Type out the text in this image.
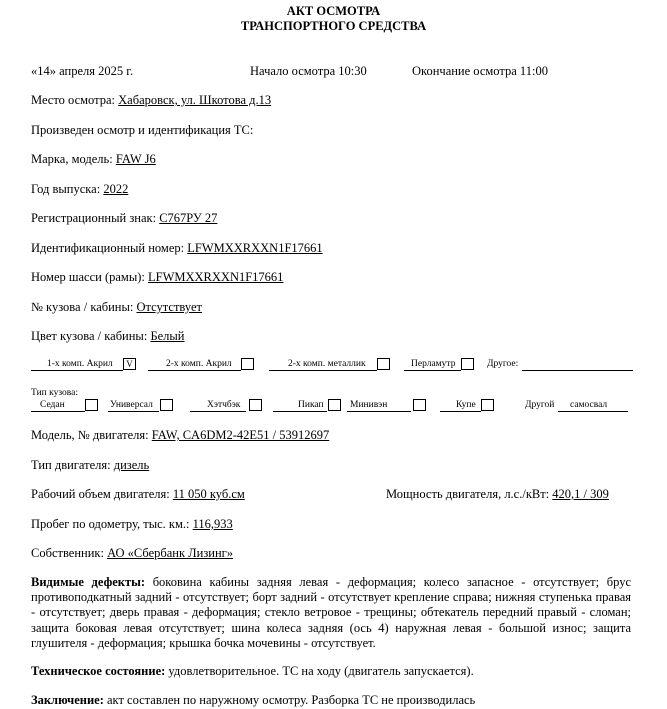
АКТ ОСМОТРА
ТРАНСПОРТНОГО СРЕДСТВА
«14» апреля 2025 г.	Начало осмотра 10:30	Окончание осмотра 11:00
Место осмотра: Хабаровск, ул. Шкотова д.13
Произведен осмотр и идентификация ТС:
Марка, модель: FAW J6
Год выпуска: 2022
Регистрационный знак: С767РУ 27
Идентификационный номер: LFWMXXRXXN1F17661
Номер шасси (рамы): LFWMXXRXXN1F17661
№ кузова / кабины: Отсутствует
Цвет кузова / кабины: Белый
1-х комп. Акрил	V	2-х комп. Акрил	2-х комп. металлик	Перламутр	Другое:
Тип кузова:
Седан	Универсал	Хэтчбэк	Пикап	Минивэн	Купе	Другой самосвал
Модель, № двигателя: FAW, CA6DM2-42E51 / 53912697
Тип двигателя: дизель
Рабочий объем двигателя: 11 050 куб.см	Мощность двигателя, л.с./кВт: 420,1 / 309
Пробег по одометру, тыс. км.: 116,933
Собственник: АО «Сбербанк Лизинг»
Видимые дефекты: боковина кабины задняя левая - деформация; колесо запасное - отсутствует; брус противоподкатный задний - отсутствует; борт задний - отсутствует крепление справа; нижняя ступенька правая - отсутствует; дверь правая - деформация; стекло ветровое - трещины; обтекатель передний правый - сломан; защита боковая левая отсутствует; шина колеса задняя (ось 4) наружная левая - большой износ; защита глушителя - деформация; крышка бочка мочевины - отсутствует.
Техническое состояние: удовлетворительное. ТС на ходу (двигатель запускается).
Заключение: акт составлен по наружному осмотру. Разборка ТС не производилась
